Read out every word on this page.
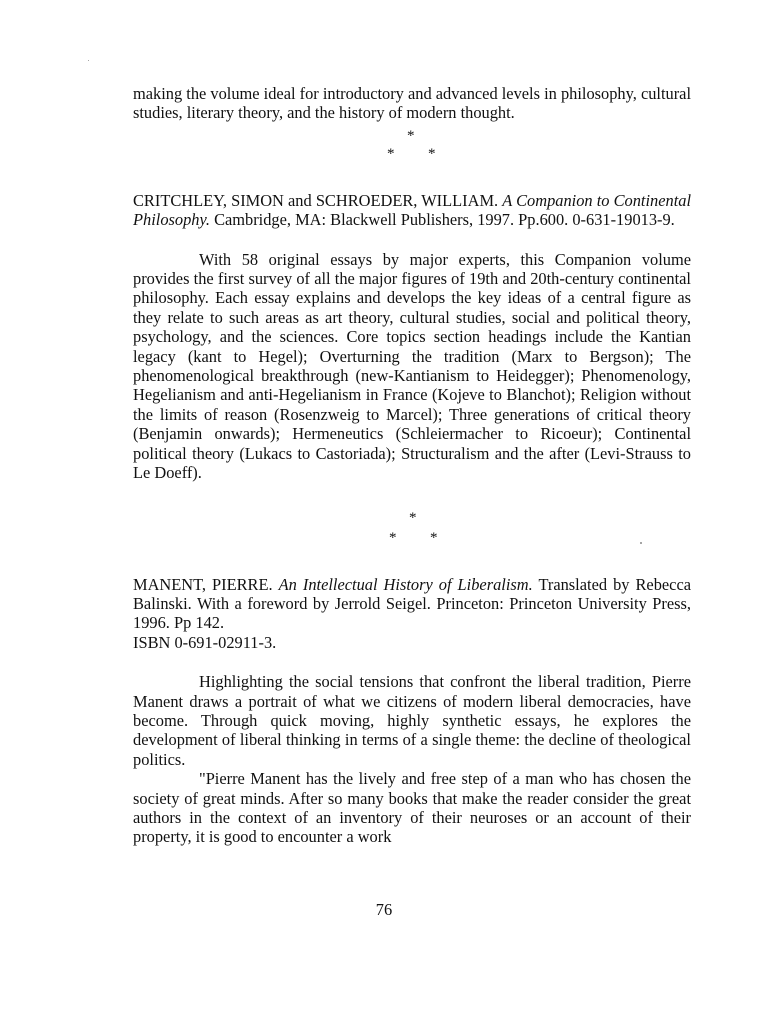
making the volume ideal for introductory and advanced levels in philosophy, cultural studies, literary theory, and the history of modern thought.

*
* *

CRITCHLEY, SIMON and SCHROEDER, WILLIAM. A Companion to Continental Philosophy. Cambridge, MA: Blackwell Publishers, 1997. Pp.600. 0-631-19013-9.

With 58 original essays by major experts, this Companion volume provides the first survey of all the major figures of 19th and 20th-century continental philosophy. Each essay explains and develops the key ideas of a central figure as they relate to such areas as art theory, cultural studies, social and political theory, psychology, and the sciences. Core topics section headings include the Kantian legacy (kant to Hegel); Overturning the tradition (Marx to Bergson); The phenomenological breakthrough (new-Kantianism to Heidegger); Phenomenology, Hegelianism and anti-Hegelianism in France (Kojeve to Blanchot); Religion without the limits of reason (Rosenzweig to Marcel); Three generations of critical theory (Benjamin onwards); Hermeneutics (Schleiermacher to Ricoeur); Continental political theory (Lukacs to Castoriada); Structuralism and the after (Levi-Strauss to Le Doeff).

*
* *

MANENT, PIERRE. An Intellectual History of Liberalism. Translated by Rebecca Balinski. With a foreword by Jerrold Seigel. Princeton: Princeton University Press, 1996. Pp 142.

ISBN 0-691-02911-3.

Highlighting the social tensions that confront the liberal tradition, Pierre Manent draws a portrait of what we citizens of modern liberal democracies, have become. Through quick moving, highly synthetic essays, he explores the development of liberal thinking in terms of a single theme: the decline of theological politics.

"Pierre Manent has the lively and free step of a man who has chosen the society of great minds. After so many books that make the reader consider the great authors in the context of an inventory of their neuroses or an account of their property, it is good to encounter a work

76
